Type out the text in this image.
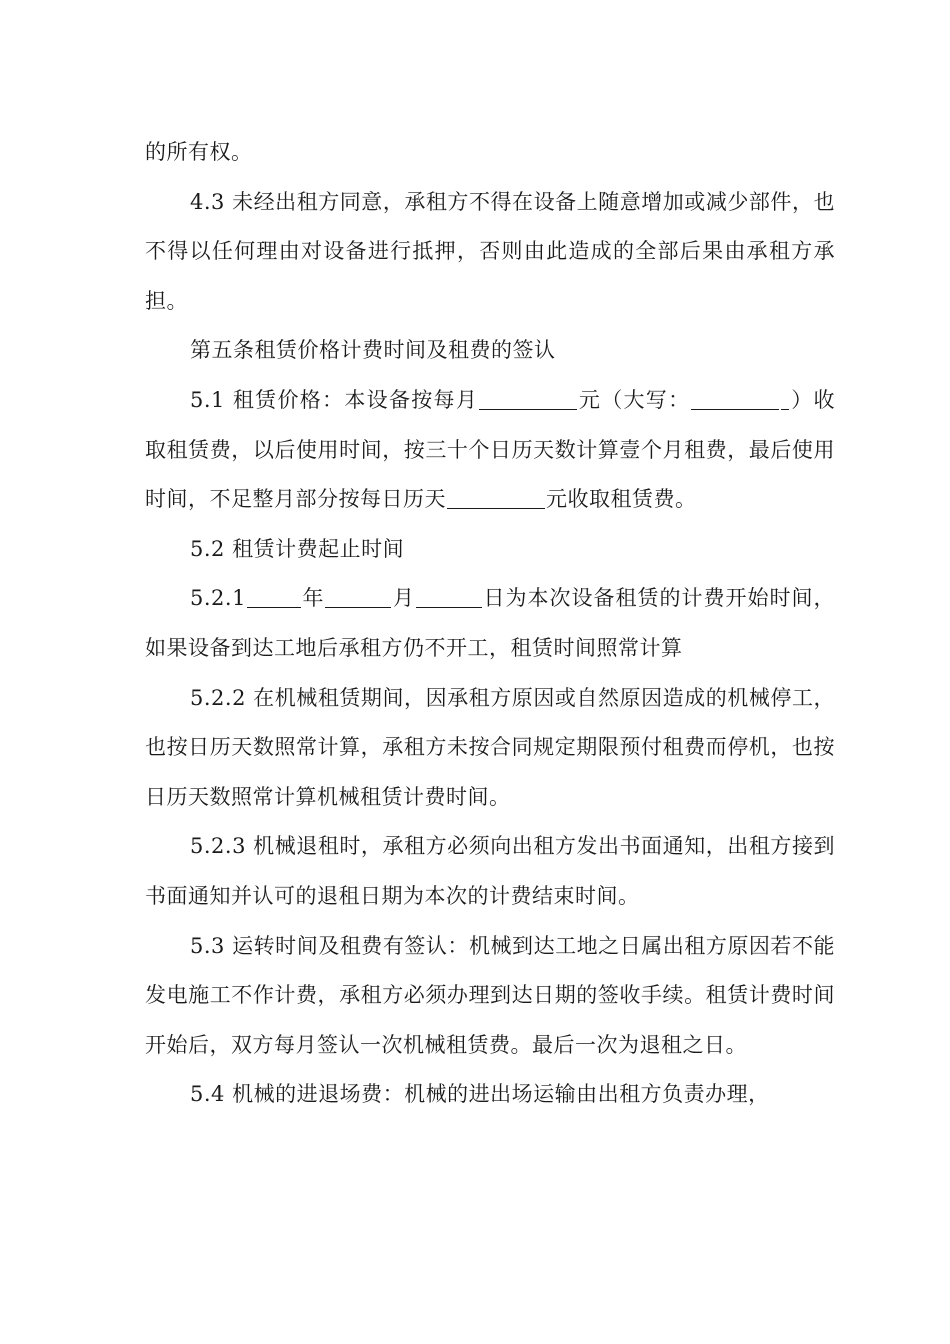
的所有权。

4.3 未经出租方同意，承租方不得在设备上随意增加或减少部件，也不得以任何理由对设备进行抵押，否则由此造成的全部后果由承租方承担。

第五条租赁价格计费时间及租费的签认

5.1 租赁价格：本设备按每月	元（大写：	）收取租赁费，以后使用时间，按三十个日历天数计算壹个月租费，最后使用时间，不足整月部分按每日历天	元收取租赁费。

5.2 租赁计费起止时间

5.2.1	年	月	日为本次设备租赁的计费开始时间，如果设备到达工地后承租方仍不开工，租赁时间照常计算

5.2.2 在机械租赁期间，因承租方原因或自然原因造成的机械停工，也按日历天数照常计算，承租方未按合同规定期限预付租费而停机，也按日历天数照常计算机械租赁计费时间。

5.2.3 机械退租时，承租方必须向出租方发出书面通知，出租方接到书面通知并认可的退租日期为本次的计费结束时间。

5.3 运转时间及租费有签认：机械到达工地之日属出租方原因若不能发电施工不作计费，承租方必须办理到达日期的签收手续。租赁计费时间开始后，双方每月签认一次机械租赁费。最后一次为退租之日。

5.4 机械的进退场费：机械的进出场运输由出租方负责办理，
